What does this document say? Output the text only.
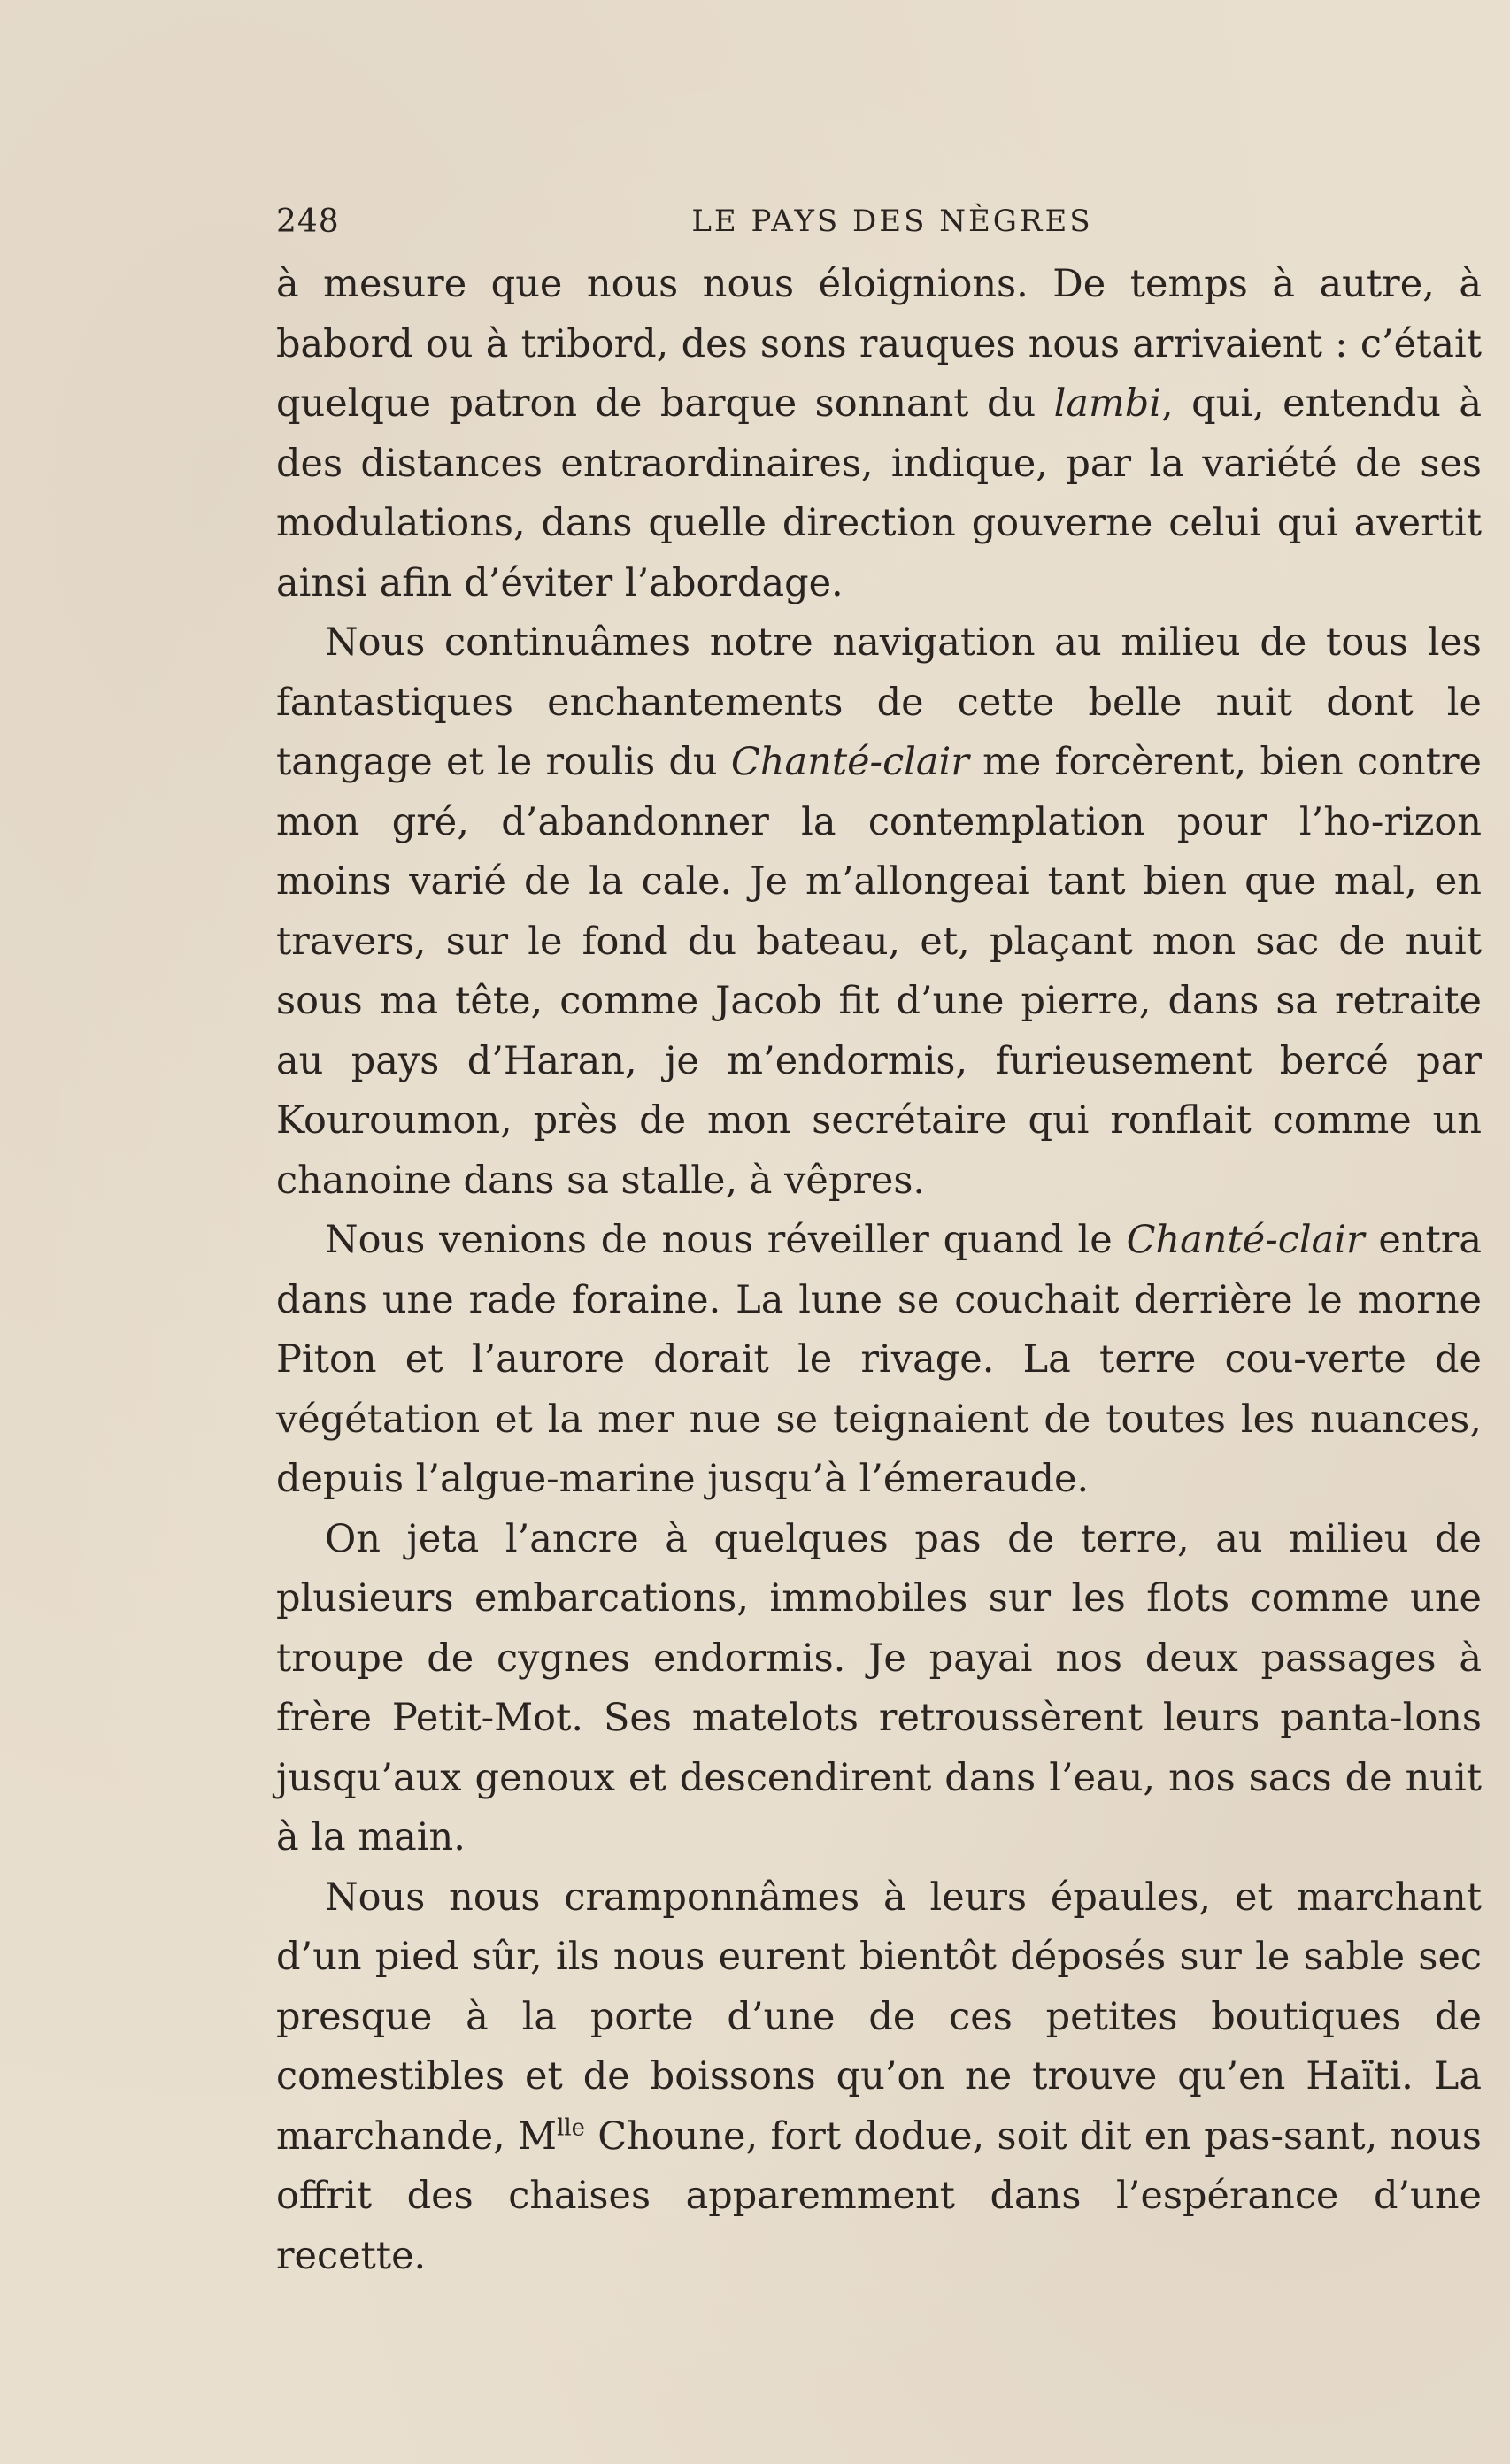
248	LE PAYS DES NÈGRES

à mesure que nous nous éloignions. De temps à autre, à babord ou à tribord, des sons rauques nous arrivaient : c’était quelque patron de barque sonnant du lambi, qui, entendu à des distances entraordinaires, indique, par la variété de ses modulations, dans quelle direction gouverne celui qui avertit ainsi afin d’éviter l’abordage.

Nous continuâmes notre navigation au milieu de tous les fantastiques enchantements de cette belle nuit dont le tangage et le roulis du Chanté-clair me forcèrent, bien contre mon gré, d’abandonner la contemplation pour l’ho-rizon moins varié de la cale. Je m’allongeai tant bien que mal, en travers, sur le fond du bateau, et, plaçant mon sac de nuit sous ma tête, comme Jacob fit d’une pierre, dans sa retraite au pays d’Haran, je m’endormis, furieusement bercé par Kouroumon, près de mon secrétaire qui ronflait comme un chanoine dans sa stalle, à vêpres.

Nous venions de nous réveiller quand le Chanté-clair entra dans une rade foraine. La lune se couchait derrière le morne Piton et l’aurore dorait le rivage. La terre cou-verte de végétation et la mer nue se teignaient de toutes les nuances, depuis l’algue-marine jusqu’à l’émeraude.

On jeta l’ancre à quelques pas de terre, au milieu de plusieurs embarcations, immobiles sur les flots comme une troupe de cygnes endormis. Je payai nos deux passages à frère Petit-Mot. Ses matelots retroussèrent leurs panta-lons jusqu’aux genoux et descendirent dans l’eau, nos sacs de nuit à la main.

Nous nous cramponnâmes à leurs épaules, et marchant d’un pied sûr, ils nous eurent bientôt déposés sur le sable sec presque à la porte d’une de ces petites boutiques de comestibles et de boissons qu’on ne trouve qu’en Haïti. La marchande, $M^{lle}$ Choune, fort dodue, soit dit en pas-sant, nous offrit des chaises apparemment dans l’espérance d’une recette.
